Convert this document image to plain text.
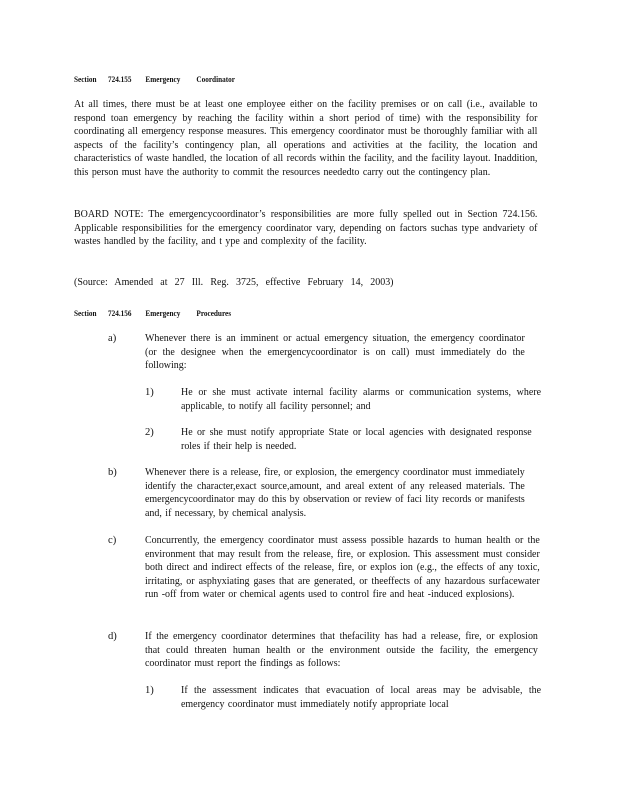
Section 724.155 Emergency Coordinator
At all times, there must be at least one employee either on the facility premises or on call (i.e., available to respond toan emergency by reaching the facility within a short period of time) with the responsibility for coordinating all emergency response measures. This emergency coordinator must be thoroughly familiar with all aspects of the facility’s contingency plan, all operations and activities at the facility, the location and characteristics of waste handled, the location of all records within the facility, and the facility layout. Inaddition, this person must have the authority to commit the resources neededto carry out the contingency plan.
BOARD NOTE: The emergencycoordinator’s responsibilities are more fully spelled out in Section 724.156. Applicable responsibilities for the emergency coordinator vary, depending on factors suchas type andvariety of wastes handled by the facility, and t ype and complexity of the facility.
(Source: Amended at 27 Ill. Reg. 3725, effective February 14, 2003)
Section 724.156 Emergency Procedures
a)	Whenever there is an imminent or actual emergency situation, the emergency coordinator (or the designee when the emergencycoordinator is on call) must immediately do the following:
1)	He or she must activate internal facility alarms or communication systems, where applicable, to notify all facility personnel; and
2)	He or she must notify appropriate State or local agencies with designated response roles if their help is needed.
b)	Whenever there is a release, fire, or explosion, the emergency coordinator must immediately identify the character,exact source,amount, and areal extent of any released materials. The emergencycoordinator may do this by observation or review of faci lity records or manifests and, if necessary, by chemical analysis.
c)	Concurrently, the emergency coordinator must assess possible hazards to human health or the environment that may result from the release, fire, or explosion. This assessment must consider both direct and indirect effects of the release, fire, or explos ion (e.g., the effects of any toxic, irritating, or asphyxiating gases that are generated, or theeffects of any hazardous surfacewater run -off from water or chemical agents used to control fire and heat -induced explosions).
d)	If the emergency coordinator determines that thefacility has had a release, fire, or explosion that could threaten human health or the environment outside the facility, the emergency coordinator must report the findings as follows:
1)	If the assessment indicates that evacuation of local areas may be advisable, the emergency coordinator must immediately notify appropriate local
